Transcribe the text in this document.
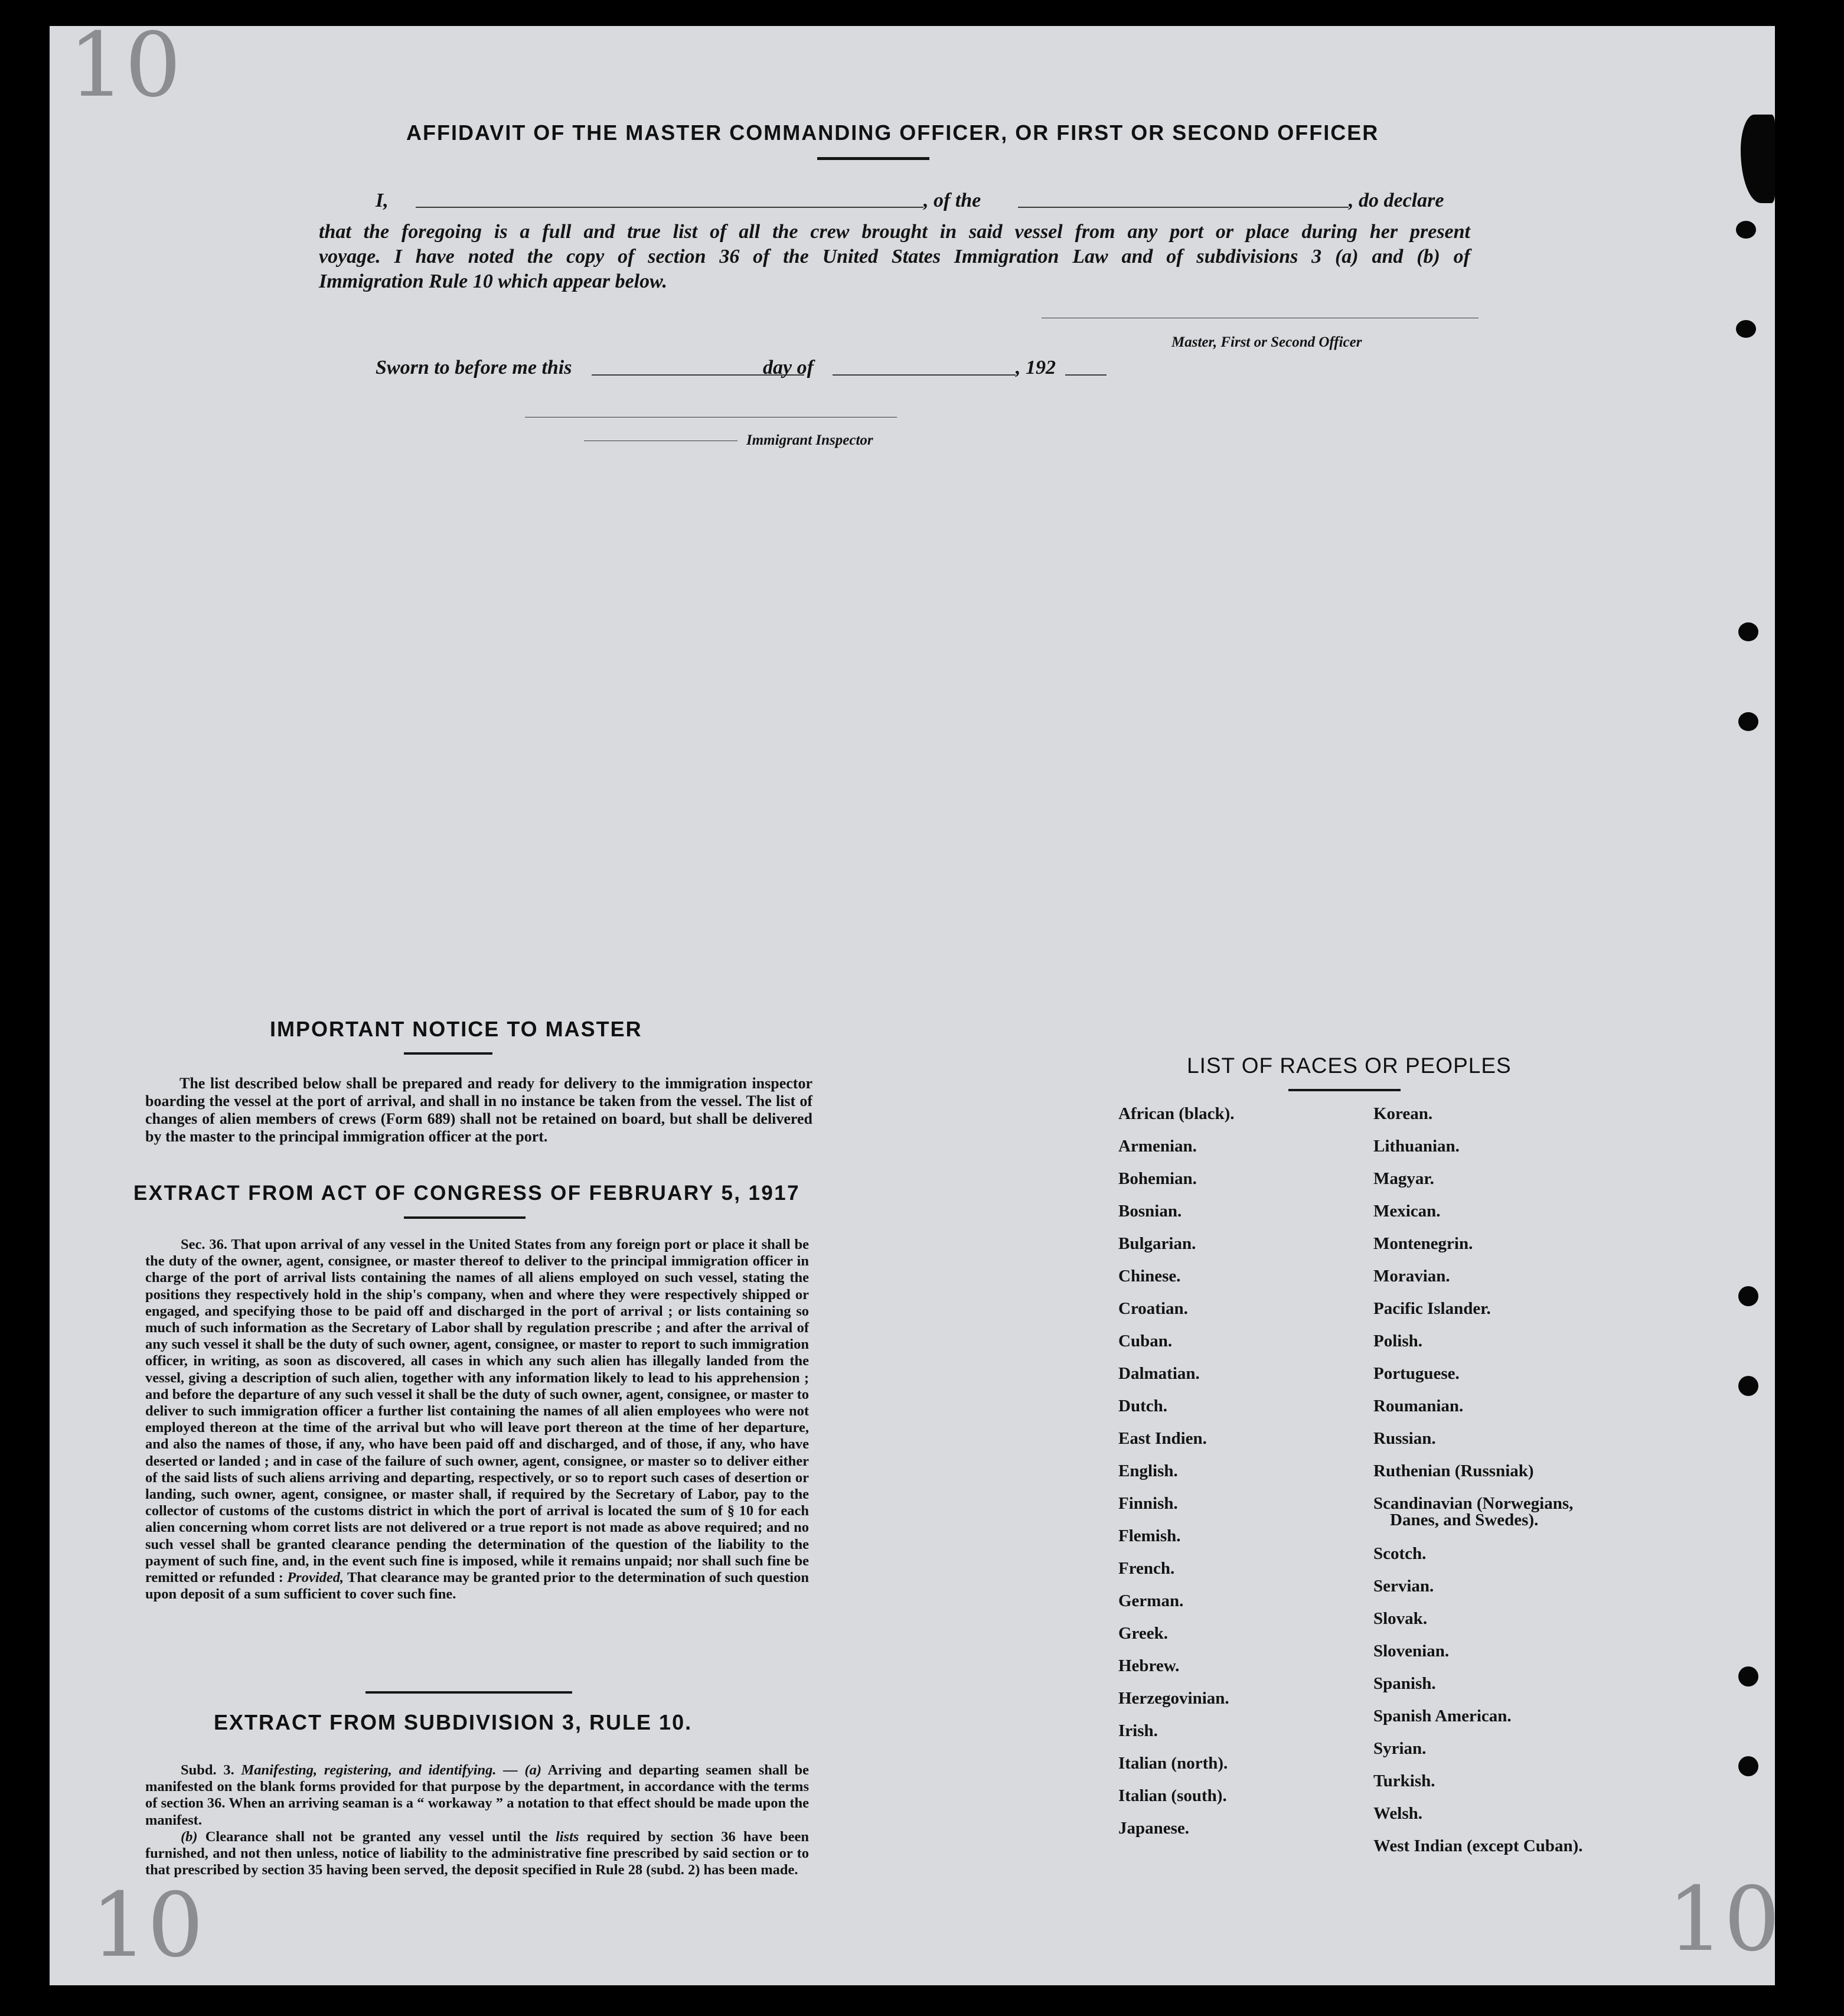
10
10	10
AFFIDAVIT OF THE MASTER COMMANDING OFFICER, OR FIRST OR SECOND OFFICER
I,	, of the	, do declare
that the foregoing is a full and true list of all the crew brought in said vessel from any port or place during her present
voyage. I have noted the copy of section 36 of the United States Immigration Law and of subdivisions 3 (a) and (b) of
Immigration Rule 10 which appear below.
Master, First or Second Officer
Sworn to before me this	day of	, 192
Immigrant Inspector
IMPORTANT NOTICE TO MASTER

The list described below shall be prepared and ready for delivery to the immigration inspector boarding the vessel at the port of arrival, and shall in no instance be taken from the vessel. The list of changes of alien members of crews (Form 689) shall not be retained on board, but shall be delivered by the master to the principal immigration officer at the port.

EXTRACT FROM ACT OF CONGRESS OF FEBRUARY 5, 1917

Sec. 36. That upon arrival of any vessel in the United States from any foreign port or place it shall be the duty of the owner, agent, consignee, or master thereof to deliver to the principal immigration officer in charge of the port of arrival lists containing the names of all aliens employed on such vessel, stating the positions they respectively hold in the ship's company, when and where they were respectively shipped or engaged, and specifying those to be paid off and discharged in the port of arrival ; or lists containing so much of such information as the Secretary of Labor shall by regulation prescribe ; and after the arrival of any such vessel it shall be the duty of such owner, agent, consignee, or master to report to such immigration officer, in writing, as soon as discovered, all cases in which any such alien has illegally landed from the vessel, giving a description of such alien, together with any information likely to lead to his apprehension ; and before the departure of any such vessel it shall be the duty of such owner, agent, consignee, or master to deliver to such immigration officer a further list containing the names of all alien employees who were not employed thereon at the time of the arrival but who will leave port thereon at the time of her departure, and also the names of those, if any, who have been paid off and discharged, and of those, if any, who have deserted or landed ; and in case of the failure of such owner, agent, consignee, or master so to deliver either of the said lists of such aliens arriving and departing, respectively, or so to report such cases of desertion or landing, such owner, agent, consignee, or master shall, if required by the Secretary of Labor, pay to the collector of customs of the customs district in which the port of arrival is located the sum of § 10 for each alien concerning whom corret lists are not delivered or a true report is not made as above required; and no such vessel shall be granted clearance pending the determination of the question of the liability to the payment of such fine, and, in the event such fine is imposed, while it remains unpaid; nor shall such fine be remitted or refunded : Provided, That clearance may be granted prior to the determination of such question upon deposit of a sum sufficient to cover such fine.

EXTRACT FROM SUBDIVISION 3, RULE 10.

Subd. 3. Manifesting, registering, and identifying. — (a) Arriving and departing seamen shall be manifested on the blank forms provided for that purpose by the department, in accordance with the terms of section 36. When an arriving seaman is a “ workaway ” a notation to that effect should be made upon the manifest.

(b) Clearance shall not be granted any vessel until the lists required by section 36 have been furnished, and not then unless, notice of liability to the administrative fine prescribed by said section or to that prescribed by section 35 having been served, the deposit specified in Rule 28 (subd. 2) has been made.

LIST OF RACES OR PEOPLES
African (black).
Armenian.
Bohemian.
Bosnian.
Bulgarian.
Chinese.
Croatian.
Cuban.
Dalmatian.
Dutch.
East Indien.
English.
Finnish.
Flemish.
French.
German.
Greek.
Hebrew.
Herzegovinian.
Irish.
Italian (north).
Italian (south).
Japanese.
Korean.
Lithuanian.
Magyar.
Mexican.
Montenegrin.
Moravian.
Pacific Islander.
Polish.
Portuguese.
Roumanian.
Russian.
Ruthenian (Russniak)
Scandinavian (Norwegians,
Danes, and Swedes).
Scotch.
Servian.
Slovak.
Slovenian.
Spanish.
Spanish American.
Syrian.
Turkish.
Welsh.
West Indian (except Cuban).
